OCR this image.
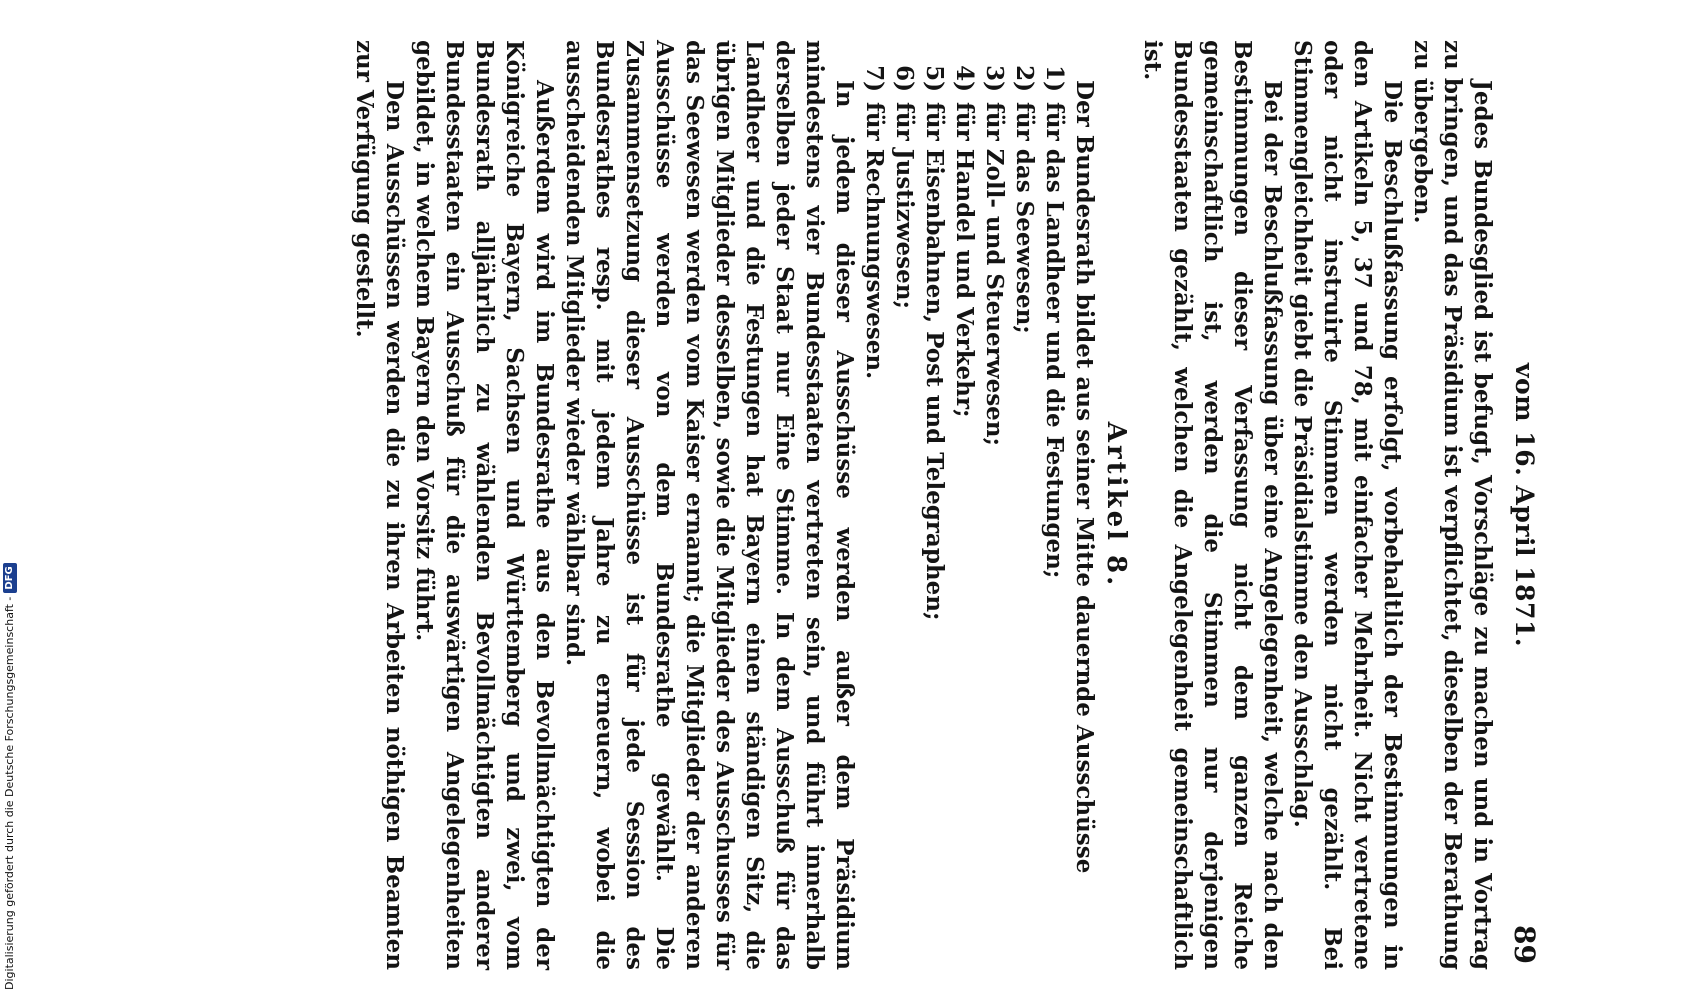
vom 16. April 1871.
89

Jedes Bundesglied ist befugt, Vorschläge zu machen und in Vortrag zu bringen, und das Präsidium ist verpflichtet, dieselben der Berathung zu übergeben.

Die Beschlußfassung erfolgt, vorbehaltlich der Bestimmungen in den Artikeln 5, 37 und 78, mit einfacher Mehrheit. Nicht vertretene oder nicht instruirte Stimmen werden nicht gezählt. Bei Stimmengleichheit giebt die Präsidialstimme den Ausschlag.

Bei der Beschlußfassung über eine Angelegenheit, welche nach den Bestimmungen dieser Verfassung nicht dem ganzen Reiche gemeinschaftlich ist, werden die Stimmen nur derjenigen Bundesstaaten gezählt, welchen die Angelegenheit gemeinschaftlich ist.

Artikel 8.

Der Bundesrath bildet aus seiner Mitte dauernde Ausschüsse

1)
für das Landheer und die Festungen;
2)
für das Seewesen;
3)
für Zoll- und Steuerwesen;
4)
für Handel und Verkehr;
5)
für Eisenbahnen, Post und Telegraphen;
6)
für Justizwesen;
7)
für Rechnungswesen.

In jedem dieser Ausschüsse werden außer dem Präsidium mindestens vier Bundesstaaten vertreten sein, und führt innerhalb derselben jeder Staat nur Eine Stimme. In dem Ausschuß für das Landheer und die Festungen hat Bayern einen ständigen Sitz, die übrigen Mitglieder desselben, sowie die Mitglieder des Ausschusses für das Seewesen werden vom Kaiser ernannt; die Mitglieder der anderen Ausschüsse werden von dem Bundesrathe gewählt. Die Zusammensetzung dieser Ausschüsse ist für jede Session des Bundesrathes resp. mit jedem Jahre zu erneuern, wobei die ausscheidenden Mitglieder wieder wählbar sind.

Außerdem wird im Bundesrathe aus den Bevollmächtigten der Königreiche Bayern, Sachsen und Württemberg und zwei, vom Bundesrath alljährlich zu wählenden Bevollmächtigten anderer Bundesstaaten ein Ausschuß für die auswärtigen Angelegenheiten gebildet, in welchem Bayern den Vorsitz führt.

Den Ausschüssen werden die zu ihren Arbeiten nöthigen Beamten zur Verfügung gestellt.

Digitalisierung gefördert durch die Deutsche Forschungsgemeinschaft -
DFG
